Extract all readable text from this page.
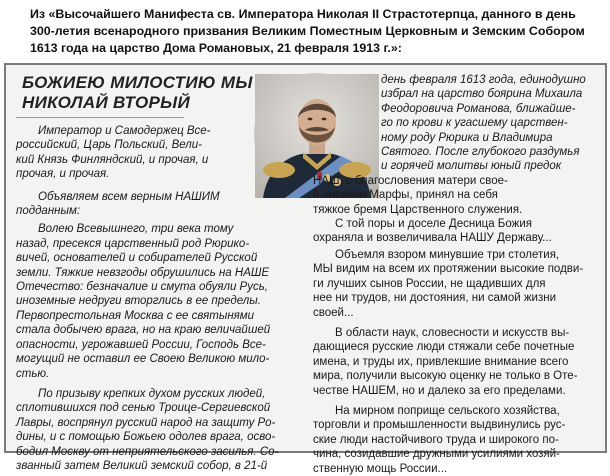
Из «Высочайшего Манифеста св. Императора Николая II Страстотерпца, данного в день
300-летия всенародного призвания Великим Поместным Церковным и Земским Собором
1613 года на царство Дома Романовых, 21 февраля 1913 г.»:
БОЖИЕЮ МИЛОСТИЮ МЫ
НИКОЛАЙ ВТОРЫЙ
Император и Самодержец Все-
российский, Царь Польский, Вели-
кий Князь Финляндский, и прочая, и
прочая, и прочая.
Объявляем всем верным НАШИМ
подданным:
Волею Всевышнего, три века тому
назад, пресекся царственный род Рюрико-
вичей, основателей и собирателей Русской
земли. Тяжкие невзгоды обрушились на НАШЕ
Отечество: безначалие и смута обуяли Русь,
иноземные недруги вторглись в ее пределы.
Первопрестольная Москва с ее святынями
стала добычею врага, но на краю величайшей
опасности, угрожавшей России, Господь Все-
могущий не оставил ее Своею Великою мило-
стью.
По призыву крепких духом русских людей,
сплотившихся под сенью Троице-Сергиевской
Лавры, воспрянул русский народ на защиту Ро-
дины, и с помощью Божьею одолев врага, осво-
бодил Москву от неприятельского засилья. Со-
званный затем Великий земский собор, в 21-й
день февраля 1613 года, единодушно
избрал на царство боярина Михаила
Феодоровича Романова, ближайше-
го по крови к угасшему царствен-
ному роду Рюрика и Владимира
Святого. После глубокого раздумья
и горячей молитвы юный предок
НАШ, с благословения матери свое-
й инокини Марфы, принял на себя
тяжкое бремя Царственного служения.
С той поры и доселе Десница Божия
охраняла и возвеличивала НАШУ Державу...
Объемля взором минувшие три столетия,
МЫ видим на всем их протяжении высокие подви-
ги лучших сынов России, не щадивших для
нее ни трудов, ни достояния, ни самой жизни
своей...
В области наук, словесности и искусств вы-
дающиеся русские люди стяжали себе почетные
имена, и труды их, привлекшие внимание всего
мира, получили высокую оценку не только в Оте-
честве НАШЕМ, но и далеко за его пределами.
На мирном поприще сельского хозяйства,
торговли и промышленности выдвинулись рус-
ские люди настойчивого труда и широкого по-
чина, созидавшие дружными усилиями хозяй-
ственную мощь России...
